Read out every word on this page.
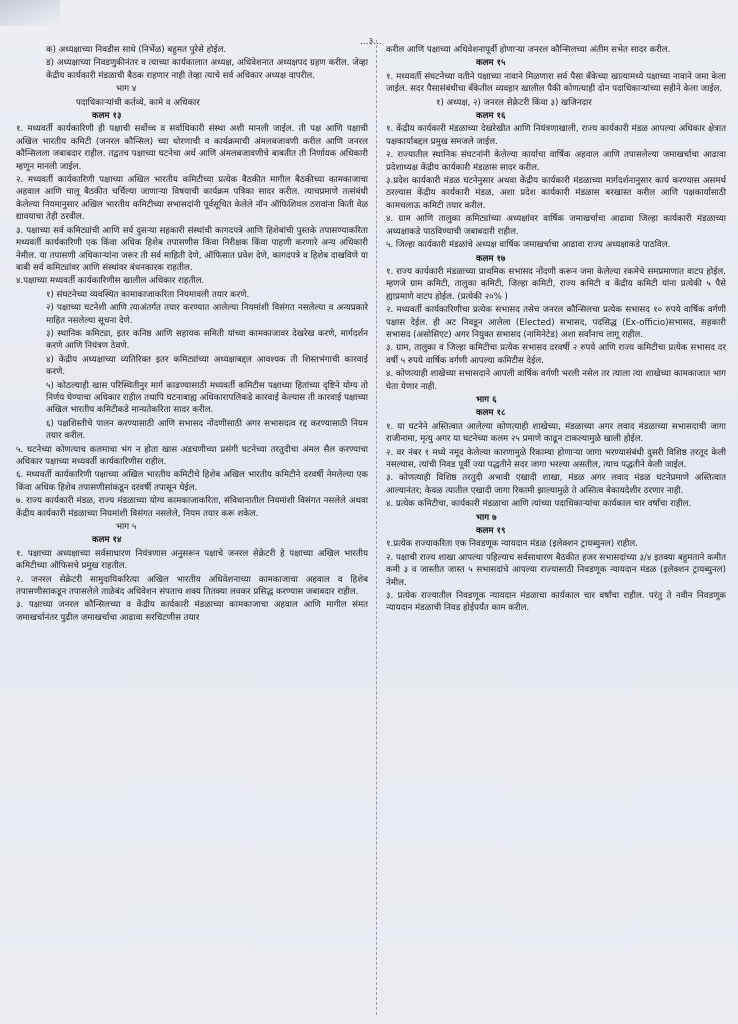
...३...

क) अध्यक्षाच्या निवडीस साधे (निर्भेळ) बहुमत पुरेसे होईल.

ड) अध्यक्षाच्या निवडणुकीनंतर व त्याच्या कार्यकालात अध्यक्ष, अधिवेशनात अध्यक्षपद ग्रहण करील. जेव्हा केंद्रीय कार्यकारी मंडळाची बैठक राहणार नाही तेव्हा त्याचे सर्व अधिकार अध्यक्ष वापरील.

भाग ४
पदाधिकाऱ्यांची कर्तव्ये, कामे व अधिकार
कलम १३

१. मध्यवर्ती कार्यकारिणी ही पक्षाची सर्वोच्च व सर्वाधिकारी संस्था अशी मानली जाईल. ती पक्ष आणि पक्षाची अखिल भारतीय कमिटी (जनरल कौन्सिल) च्या धोरणाची व कार्यक्रमाची अंमलबजावणी करील आणि जनरल कौन्सिलला जबाबदार राहील. तद्वतच पक्षाच्या घटनेचा अर्थ आणि अंमलबजावणीचे बाबतीत ती निर्णायक अधिकारी म्हणून मानली जाईल.

२. मध्यवर्ती कार्यकारिणी पक्षाच्या अखिल भारतीय कमिटीच्या प्रत्येक बैठकीत मागील बैठकीच्या कामकाजाचा अहवाल आणि चालू बैठकीत चर्चिल्या जाणाऱ्या विषयाची कार्यक्रम पत्रिका सादर करील. त्याचप्रमाणे तत्संबंधी केलेल्या नियमानुसार अखिल भारतीय कमिटीच्या सभासदांनी पूर्वसूचित केलेले नॉन ऑफिशियल ठरावांना किती वेळ द्यावयाचा तेही ठरवील.

३. पक्षाच्या सर्व कमिट्यांची आणि सर्व दुसऱ्या सहकारी संस्थांची कागदपत्रे आणि हिशेबांची पुस्तके तपासण्याकरिता मध्यवर्ती कार्यकारिणी एक किंवा अधिक हिशेब तपासणीस किंवा निरीक्षक किंवा पाहणी करणारे अन्य अधिकारी नेमील. या तपासणी अधिकाऱ्यांना जरूर ती सर्व माहिती देणे, ऑफिसात प्रवेश देणे, कागदपत्रे व हिशेब दाखविणे या बाबी सर्व कमिट्यांवर आणि संस्थांवर बंधनकारक राहतील.

४.पक्षाच्या मध्यवर्ती कार्यकारिणीस खालील अधिकार राहतील.

१) संघटनेच्या व्यवस्थित कामाकाजाकरिता नियमावली तयार करणे.

२) पक्षाच्या घटनेशी आणि त्याअंतर्गत तयार करण्यात आलेल्या नियमांशी विसंगत नसलेल्या व अन्यप्रकारे माहित नसलेल्या सूचना देणे.

३) स्थानिक कमिट्या, इतर कनिष्ठ आणि सहायक समिती यांच्या कामकाजावर देखरेख करणे, मार्गदर्शन करणे आणि नियंत्रण ठेवणे.

४) केंद्रीय अध्यक्षाच्या व्यतिरिक्त इतर कमिट्यांच्या अध्यक्षाबद्दल आवश्यक ती शिस्तभंगाची कारवाई करणे.

५) कोठल्याही खास परिस्थितीनुर मार्ग काढण्यासाठी मध्यवर्ती कमिटीस पक्षाच्या हितांच्या दृष्टिने योग्य तो निर्णय घेण्याचा अधिकार राहील तथापि घटनाबाह्य अधिकारापलिकडे कारवाई केल्यास ती कारवाई पक्षाच्या अखिल भारतीय कमिटीकडे मान्यतेकरिता सादर करील.

६) पक्षशिस्तीचे पालन करण्यासाठी आणि सभासद नोंदणीसाठी अगर सभासदत्व रद्द करण्यासाठी नियम तयार करील.

५. घटनेच्या कोणत्याच कलमाचा भंग न होता खास अडचणीच्या प्रसंगी घटनेच्या तरतुदीचा अंमल सैल करण्याचा अधिकार पक्षाच्या मध्यवर्ती कार्यकारिणीस राहील.

६. मध्यवर्ती कार्यकारिणी पक्षाच्या अखिल भारतीय कमिटीचे हिशेब अखिल भारतीय कमिटीने दरवर्षी नेमलेल्या एक किंवा अधिक हिशेब तपासणीसांकडून दरवर्षी तपासून घेईल.

७. राज्य कार्यकारी मंडळ, राज्य मंडळाच्या योग्य कामकाजाकरिता, संविधानातील नियमांशी विसंगत नसलेले अथवा केंद्रीय कार्यकारी मंडळाच्या नियमांशी विसंगत नसलेले, नियम तयार करू शकेल.

भाग ५
कलम १४

१. पक्षाच्या अध्यक्षाच्या सर्वसाधारण नियंत्रणास अनुसरून पक्षाचे जनरल सेक्रेटरी हे पक्षाच्या अखिल भारतीय कमिटीच्या ऑफिसचे प्रमुख राहतील.

२. जनरल सेक्रेटरी सामुदायिकरित्या अखिल भारतीय अधिवेशनाच्या कामकाजाचा अहवाल व हिशेब तपासणीसाकडून तपासलेले ताळेबंद अधिवेशन संपताच शक्य तितक्या लवकर प्रसिद्ध करण्यास जबाबदार राहील.

३. पक्षाच्या जनरल कौन्सिलच्या व केंद्रीय कार्यकारी मंडळाच्या कामकाजाचा अहवाल आणि मागील संमत जमाखर्चानंतर पुढील जमाखर्चाचा आढावा सरचिटणीस तयार

करील आणि पक्षाच्या अधिवेशनापूर्वी होणाऱ्या जनरल कौन्सिलच्या अंतीम सभेत सादर करील.

कलम १५

१. मध्यवर्ती संघटनेच्या वतीने पक्षाच्या नावाने मिळणारा सर्व पैसा बँकेच्या खात्यामध्ये पक्षाच्या नावाने जमा केला जाईल. सदर पैसासंबंधीचा बँकेतील व्यवहार खालील पैकी कोणत्याही दोन पदाधिकाऱ्यांच्या सहीने केला जाईल.

१) अध्यक्ष, २) जनरल सेक्रेटरी किंवा ३) खजिनदार
कलम १६

१. केंद्रीय कार्यकारी मंडळाच्या देखरेखीत आणि नियंत्रणाखाली, राज्य कार्यकारी मंडळ आपल्या अधिकार क्षेत्रात पक्षकार्याबद्दल प्रमुख समजले जाईल.

२. राज्यातील स्थानिक संघटनांनी केलेल्या कार्याचा वार्षिक अहवाल आणि तपासलेल्या जमाखर्चाचा आढावा प्रदेशाध्यक्ष केंद्रीय कार्यकारी मंडळास सादर करील.

३.प्रदेश कार्यकारी मंडळ घटनेनुसार अथवा केंद्रीय कार्यकारी मंडळाच्या मार्गदर्शनानुसार कार्य करण्यास असमर्थ ठरल्यास केंद्रीय कार्यकारी मंडळ, अशा प्रदेश कार्यकारी मंडळास बरखास्त करील आणि पक्षकार्यासाठी कामचलाऊ कमिटी तयार करील.

४. ग्राम आणि तालुका कमिट्यांच्या अध्यक्षांवर वार्षिक जमाखर्चाचा आढावा जिल्हा कार्यकारी मंडळाच्या अध्यक्षाकडे पाठविण्याची जबाबदारी राहील.

५. जिल्हा कार्यकारी मंडळांचे अध्यक्ष वार्षिक जमाखर्चाचा आढावा राज्य अध्यक्षाकडे पाठविल.

कलम १७

१. राज्य कार्यकारी मंडळाच्या प्राथमिक सभासद नोंदणी करून जमा केलेल्या रकमेचे समप्रमाणात वाटप होईल. म्हणजे ग्राम कमिटी, तालुका कमिटी, जिल्हा कमिटी, राज्य कमिटी व केंद्रीय कमिटी यांना प्रत्येकी ५ पैसे ह्याप्रमाणे वाटप होईल. (प्रत्येकी २०% )

२. मध्यवर्ती कार्यकारिणीचा प्रत्येक सभासद तसेच जनरल कौन्सिलचा प्रत्येक सभासद १० रुपये वार्षिक वर्गणी पक्षास देईल. ही अट निवडून आलेला (Elected) सभासद, पदसिद्ध (Ex-officio)सभासद, सहकारी सभासद (असोसिएट) अगर नियुक्त सभासद (नामिनेटेड) अशा सर्वांनाच लागू राहील.

३. ग्राम, तालुका व जिल्हा कमिटीचा प्रत्येक सभासद दरवर्षी २ रुपये आणि राज्य कमिटीचा प्रत्येक सभासद दर वर्षी ५ रुपये वार्षिक वर्गणी आपल्या कमिटीस देईल.

४. कोणत्याही शाखेच्या सभासदाने आपली वार्षिक वर्गणी भरली नसेल तर त्याला त्या शाखेच्या कामकाजात भाग घेता येणार नाही.

भाग ६
कलम १८

१. या घटनेने अस्तित्वात आलेल्या कोणत्याही शाखेच्या, मंडळाच्या अगर लवाद मंडळाच्या सभासदाची जागा राजीनामा, मृत्यु अगर या घटनेच्या कलम २५ प्रमाणे काढून टाकल्यामुळे खाली होईल.

२. वर नंबर १ मध्ये नमूद केलेल्या कारणामुळे रिकाम्या होणाऱ्या जागा भरण्यासंबंधी दुसरी विशिष्ठ तरतूद केली नसल्यास, त्यांची निवड पूर्वी ज्या पद्धतीने सदर जागा भरल्या असतील, त्याच पद्धतीने केली जाईल.

३. कोणत्याही विशिष्ठ तरतुदी अभावी एखादी शाखा, मंडळ अगर लवाद मंडळ घटनेप्रमाणे अस्तित्वात आल्यानंतर; केवळ त्यातील एखादी जागा रिकामी झाल्यामुळे ते अस्तित्व बेकायदेशीर ठरणार नाही.

४. प्रत्येक कमिटीचा, कार्यकारी मंडळाचा आणि त्यांच्या पदाधिकाऱ्यांचा कार्यकाल चार वर्षांचा राहील.

भाग ७
कलम १९

१.प्रत्येक राज्याकरिता एक निवडणूक न्यायदान मंडळ (इलेक्शन ट्रायब्युनल) राहील.

२. पक्षाची राज्य शाखा आपल्या पहिल्याच सर्वसाधारण बैठकीत हजर सभासदांच्या ३/४ इतक्या बहुमताने कमीत कमी ३ व जास्तीत जास्त ५ सभासदांचे आपल्या राज्यासाठी निवडणूक न्यायदान मंडळ (इलेक्शन ट्रायब्युनल) नेमील.

३. प्रत्येक राज्यातील निवडणूक न्यायदान मंडळाचा कार्यकाल चार वर्षांचा राहील. परंतु ते नवीन निवडणूक न्यायदान मंडळाची निवड होईपर्यंत काम करील.
